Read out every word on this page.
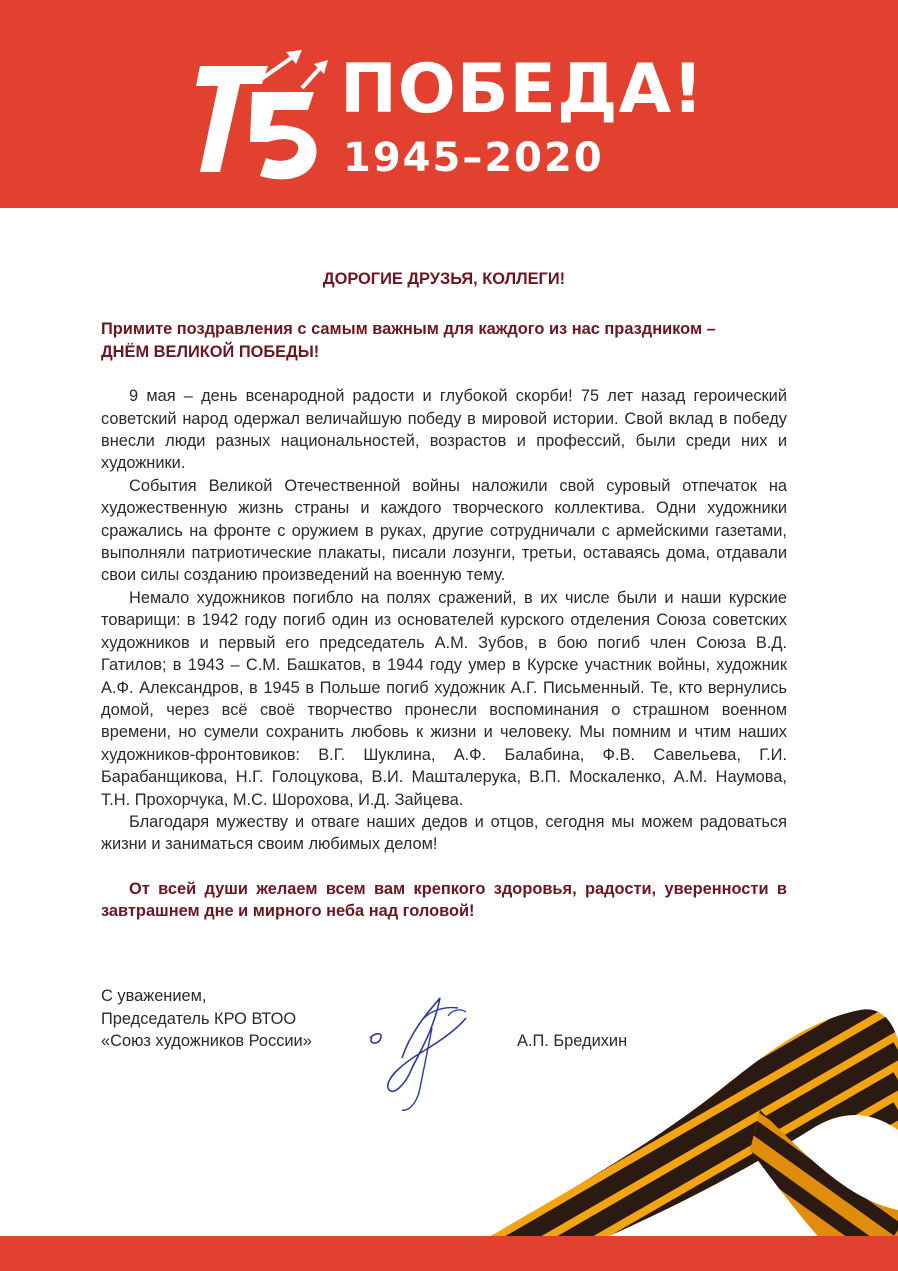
ПОБЕДА!
1945–2020
ДОРОГИЕ ДРУЗЬЯ, КОЛЛЕГИ!

Примите поздравления с самым важным для каждого из нас праздником –
ДНЁМ ВЕЛИКОЙ ПОБЕДЫ!

9 мая – день всенародной радости и глубокой скорби! 75 лет назад героический советский народ одержал величайшую победу в мировой истории. Свой вклад в победу внесли люди разных национальностей, возрастов и профессий, были среди них и художники.

События Великой Отечественной войны наложили свой суровый отпечаток на художественную жизнь страны и каждого творческого коллектива. Одни художники сражались на фронте с оружием в руках, другие сотрудничали с армейскими газетами, выполняли патриотические плакаты, писали лозунги, третьи, оставаясь дома, отдавали свои силы созданию произведений на военную тему.

Немало художников погибло на полях сражений, в их числе были и наши курские товарищи: в 1942 году погиб один из основателей курского отделения Союза советских художников и первый его председатель А.М. Зубов, в бою погиб член Союза В.Д. Гатилов; в 1943 – С.М. Башкатов, в 1944 году умер в Курске участник войны, художник А.Ф. Александров, в 1945 в Польше погиб художник А.Г. Письменный. Те, кто вернулись домой, через всё своё творчество пронесли воспоминания о страшном военном времени, но сумели сохранить любовь к жизни и человеку. Мы помним и чтим наших художников-фронтовиков: В.Г. Шуклина, А.Ф. Балабина, Ф.В. Савельева, Г.И. Барабанщикова, Н.Г. Голоцукова, В.И. Машталерука, В.П. Москаленко, А.М. Наумова, Т.Н. Прохорчука, М.С. Шорохова, И.Д. Зайцева.

Благодаря мужеству и отваге наших дедов и отцов, сегодня мы можем радоваться жизни и заниматься своим любимых делом!

От всей души желаем всем вам крепкого здоровья, радости, уверенности в завтрашнем дне и мирного неба над головой!

С уважением,
Председатель КРО ВТОО
«Союз художников России»	А.П. Бредихин
